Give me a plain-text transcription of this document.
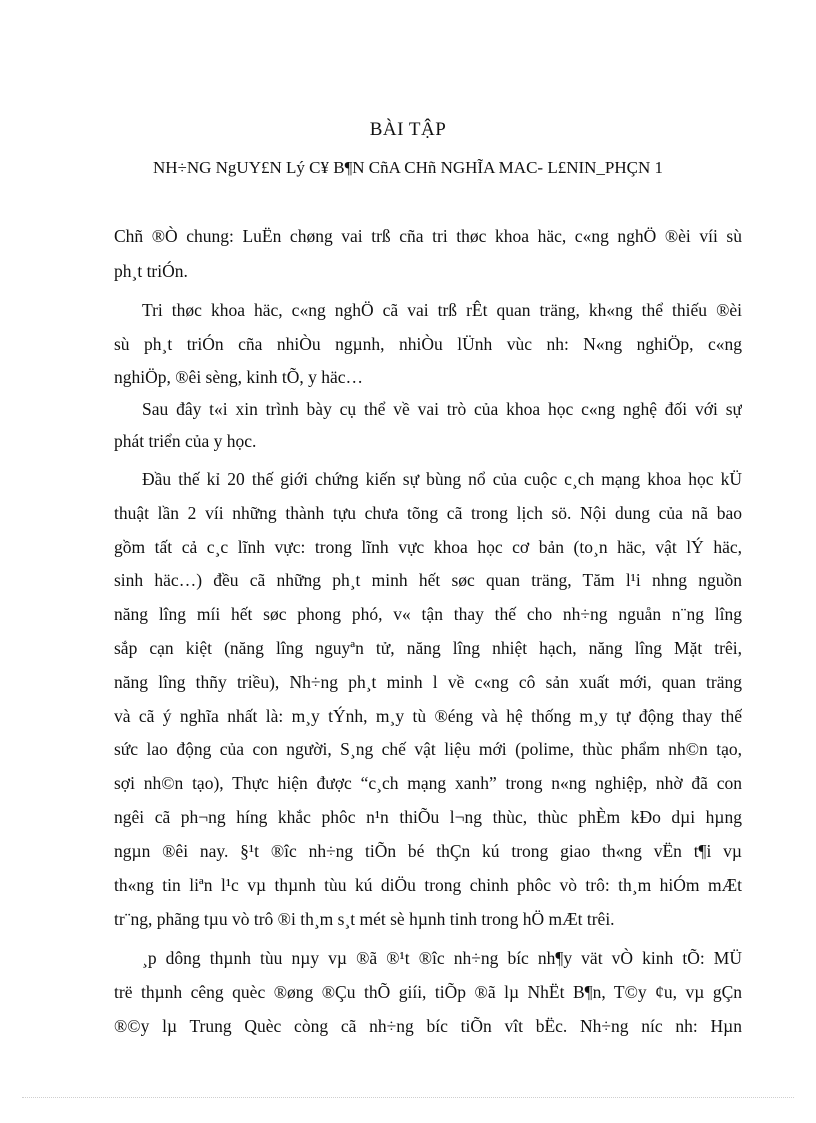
BÀI TẬP
NH÷NG NgUY£N Lý C¥ B¶N CñA CHñ NGHĨA MAC- L£NIN_PHÇN 1
Chñ ®Ò chung: LuËn chøng vai trß cña tri thøc khoa häc, c«ng nghÖ ®èi víi sù
ph¸t triÓn.
Tri thøc khoa häc, c«ng nghÖ cã vai trß rÊt quan träng, kh«ng thể thiếu ®èi
sù ph¸t triÓn cña nhiÒu ngµnh, nhiÒu lÜnh vùc nh: N«ng nghiÖp, c«ng
nghiÖp, ®êi sèng, kinh tÕ, y häc…
Sau đây t«i xin trình bày cụ thể về vai trò của khoa học c«ng nghệ đối với sự
phát triển của y học.
Đầu thế kỉ 20 thế giới chứng kiến sự bùng nổ của cuộc c¸ch mạng khoa học kÜ
thuật lần 2 víi những thành tựu chưa tõng cã trong lịch sö. Nội dung của nã bao
gồm tất cả c¸c lĩnh vực: trong lĩnh vực khoa học cơ bản (to¸n häc, vật lÝ häc,
sinh häc…) đều cã những ph¸t minh hết søc quan träng, Tăm l¹i nhng nguồn
năng lîng míi hết søc phong phó, v« tận thay thế cho nh÷ng nguån n¨ng lîng
sắp cạn kiệt (năng lîng nguyªn tử, năng lîng nhiệt hạch, năng lîng Mặt trêi,
năng lîng thñy triều), Nh÷ng ph¸t minh l về c«ng cô sản xuất mới, quan träng
và cã ý nghĩa nhất là: m¸y tÝnh, m¸y tù ®éng và hệ thống m¸y tự động thay thế
sức lao động của con người, S¸ng chế vật liệu mới (polime, thùc phẩm nh©n tạo,
sợi nh©n tạo), Thực hiện được “c¸ch mạng xanh” trong n«ng nghiệp, nhờ đã con
ngêi cã ph¬ng híng khắc phôc n¹n thiÕu l¬ng thùc, thùc phÈm kÐo dµi hµng
ngµn ®êi nay. §¹t ®îc nh÷ng tiÕn bé thÇn kú trong giao th«ng vËn t¶i vµ
th«ng tin liªn l¹c vµ thµnh tùu kú diÖu trong chinh phôc vò trô: th¸m hiÓm mÆt
tr¨ng, phãng tµu vò trô ®i th¸m s¸t mét sè hµnh tinh trong hÖ mÆt trêi.
¸p dông thµnh tùu nµy vµ ®ã ®¹t ®îc nh÷ng bíc nh¶y vät vÒ kinh tÕ: MÜ
trë thµnh cêng quèc ®øng ®Çu thÕ giíi, tiÕp ®ã lµ NhËt B¶n, T©y ¢u, vµ gÇn
®©y lµ Trung Quèc còng cã nh÷ng bíc tiÕn vît bËc. Nh÷ng níc nh: Hµn
